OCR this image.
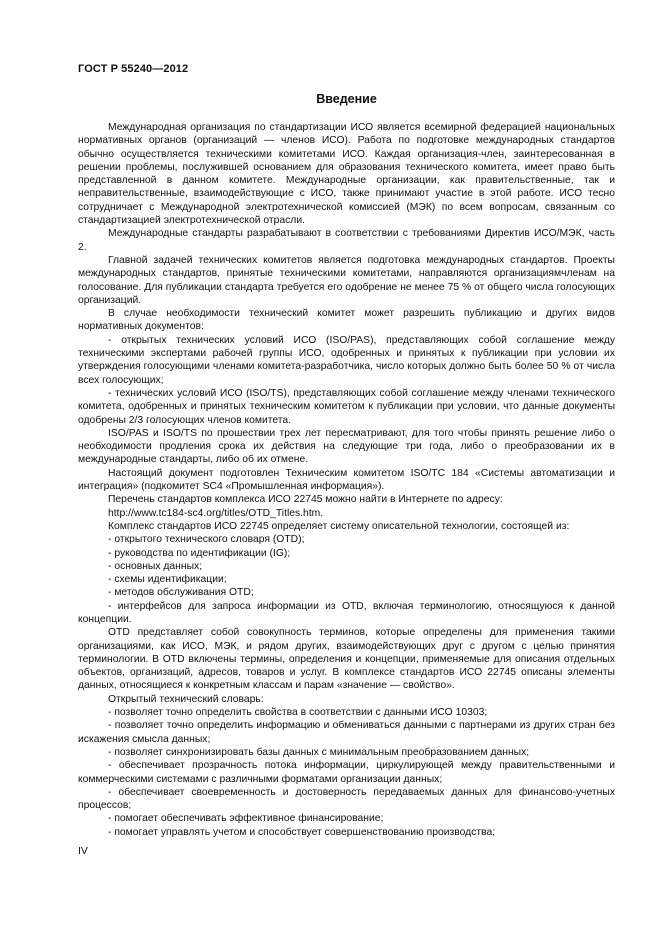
ГОСТ Р 55240—2012
Введение

Международная организация по стандартизации ИСО является всемирной федерацией национальных нормативных органов (организаций — членов ИСО). Работа по подготовке международных стандартов обычно осуществляется техническими комитетами ИСО. Каждая организация-член, заинтересованная в решении проблемы, послужившей основанием для образования технического комитета, имеет право быть представленной в данном комитете. Международные организации, как правительственные, так и неправительственные, взаимодействующие с ИСО, также принимают участие в этой работе. ИСО тесно сотрудничает с Международной электротехнической комиссией (МЭК) по всем вопросам, связанным со стандартизацией электротехнической отрасли.

Международные стандарты разрабатывают в соответствии с требованиями Директив ИСО/МЭК, часть 2.

Главной задачей технических комитетов является подготовка международных стандартов. Проекты международных стандартов, принятые техническими комитетами, направляются организациямчленам на голосование. Для публикации стандарта требуется его одобрение не менее 75 % от общего числа голосующих организаций.

В случае необходимости технический комитет может разрешить публикацию и других видов нормативных документов:

- открытых технических условий ИСО (ISO/PAS), представляющих собой соглашение между техническими экспертами рабочей группы ИСО, одобренных и принятых к публикации при условии их утверждения голосующими членами комитета-разработчика, число которых должно быть более 50 % от числа всех голосующих;

- технических условий ИСО (ISO/TS), представляющих собой соглашение между членами технического комитета, одобренных и принятых техническим комитетом к публикации при условии, что данные документы одобрены 2/3 голосующих членов комитета.

ISO/PAS и ISO/TS по прошествии трех лет пересматривают, для того чтобы принять решение либо о необходимости продления срока их действия на следующие три года, либо о преобразовании их в международные стандарты, либо об их отмене.

Настоящий документ подготовлен Техническим комитетом ISO/TC 184 «Системы автоматизации и интеграция» (подкомитет SC4 «Промышленная информация»).

Перечень стандартов комплекса ИСО 22745 можно найти в Интернете по адресу:

http://www.tc184-sc4.org/titles/OTD_Titles.htm.

Комплекс стандартов ИСО 22745 определяет систему описательной технологии, состоящей из:

- открытого технического словаря (OTD);

- руководства по идентификации (IG);

- основных данных;

- схемы идентификации;

- методов обслуживания OTD;

- интерфейсов для запроса информации из OTD, включая терминологию, относящуюся к данной концепции.

OTD представляет собой совокупность терминов, которые определены для применения такими организациями, как ИСО, МЭК, и рядом других, взаимодействующих друг с другом с целью принятия терминологии. В OTD включены термины, определения и концепции, применяемые для описания отдельных объектов, организаций, адресов, товаров и услуг. В комплексе стандартов ИСО 22745 описаны элементы данных, относящиеся к конкретным классам и парам «значение — свойство».

Открытый технический словарь:

- позволяет точно определить свойства в соответствии с данными ИСО 10303;

- позволяет точно определить информацию и обмениваться данными с партнерами из других стран без искажения смысла данных;

- позволяет синхронизировать базы данных с минимальным преобразованием данных;

- обеспечивает прозрачность потока информации, циркулирующей между правительственными и коммерческими системами с различными форматами организации данных;

- обеспечивает своевременность и достоверность передаваемых данных для финансово-учетных процессов;

- помогает обеспечивать эффективное финансирование;

- помогает управлять учетом и способствует совершенствованию производства;

IV
